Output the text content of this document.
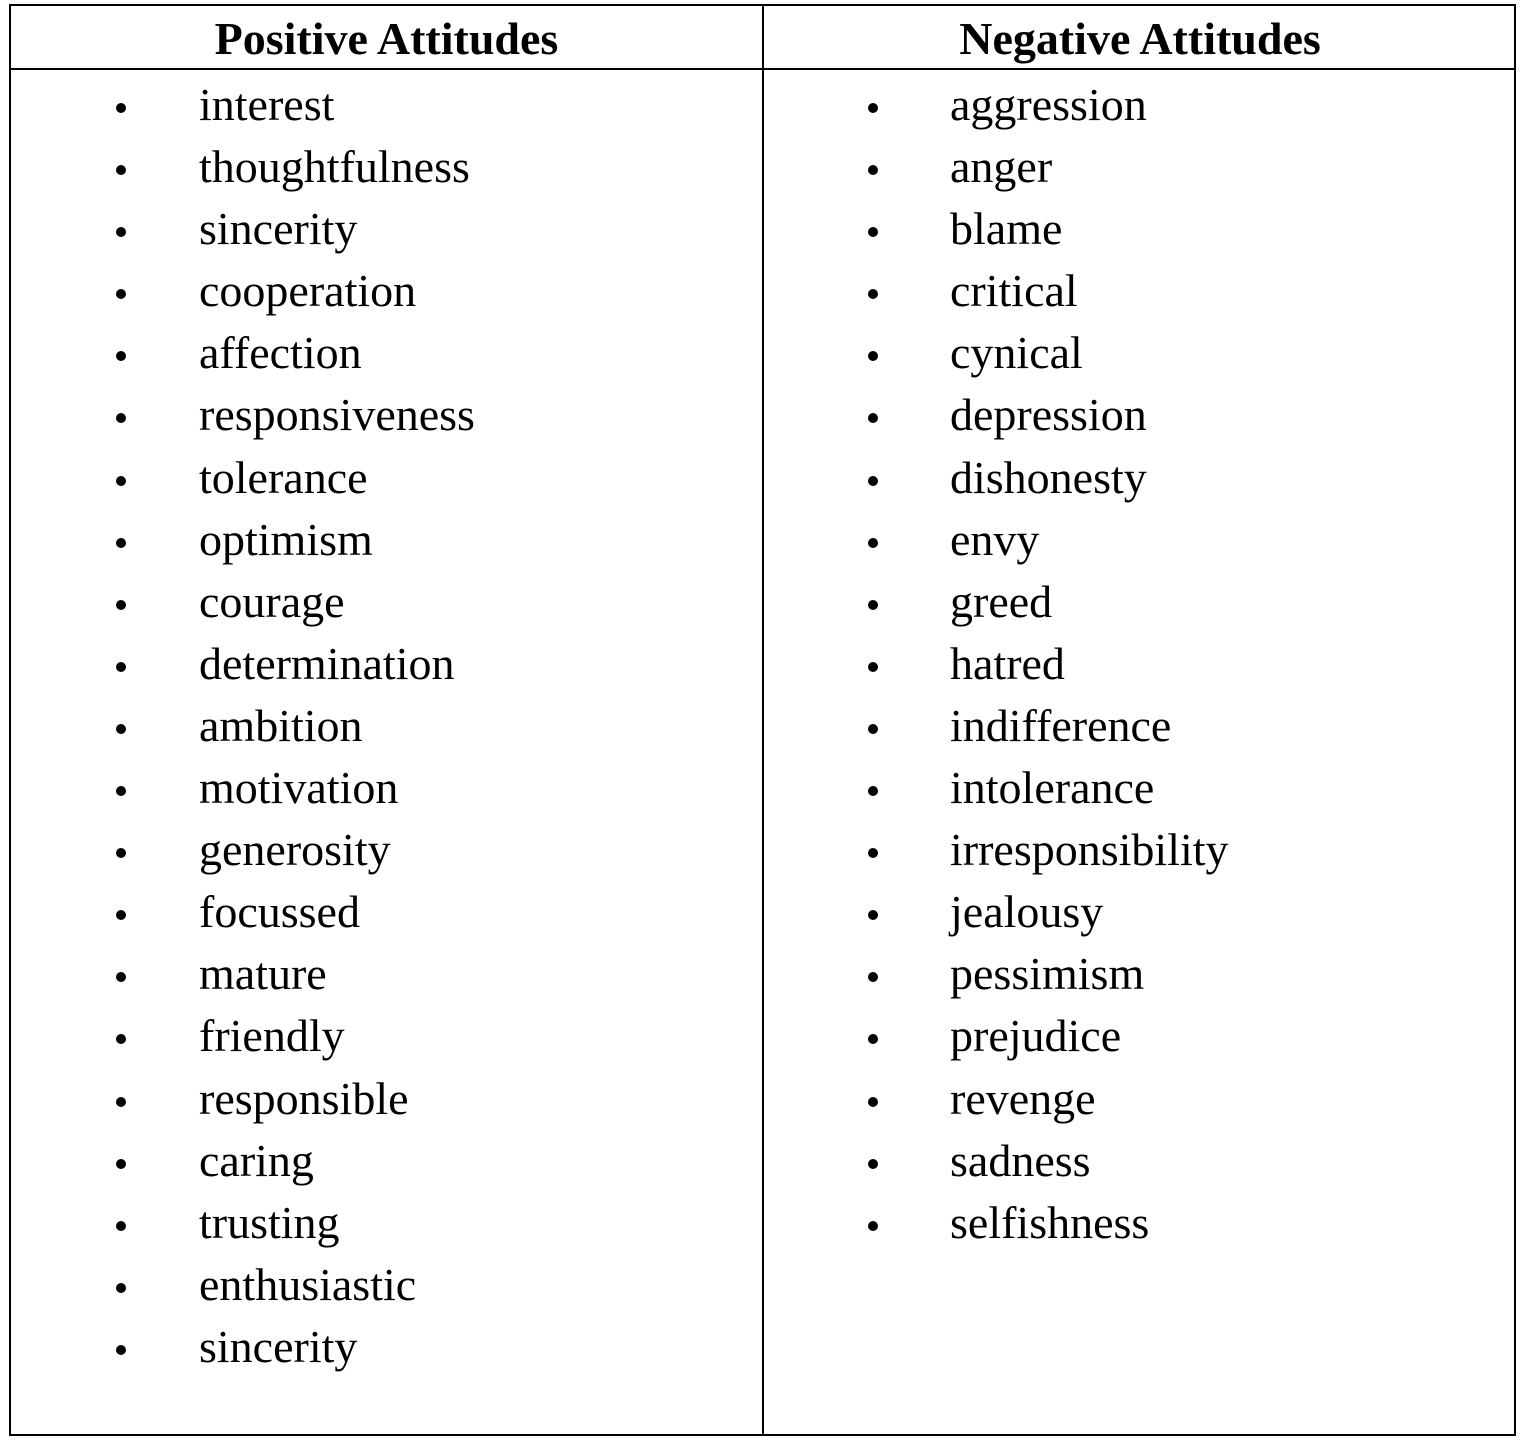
Positive Attitudes	Negative Attitudes
interest
thoughtfulness
sincerity
cooperation
affection
responsiveness
tolerance
optimism
courage
determination
ambition
motivation
generosity
focussed
mature
friendly
responsible
caring
trusting
enthusiastic
sincerity
aggression
anger
blame
critical
cynical
depression
dishonesty
envy
greed
hatred
indifference
intolerance
irresponsibility
jealousy
pessimism
prejudice
revenge
sadness
selfishness
